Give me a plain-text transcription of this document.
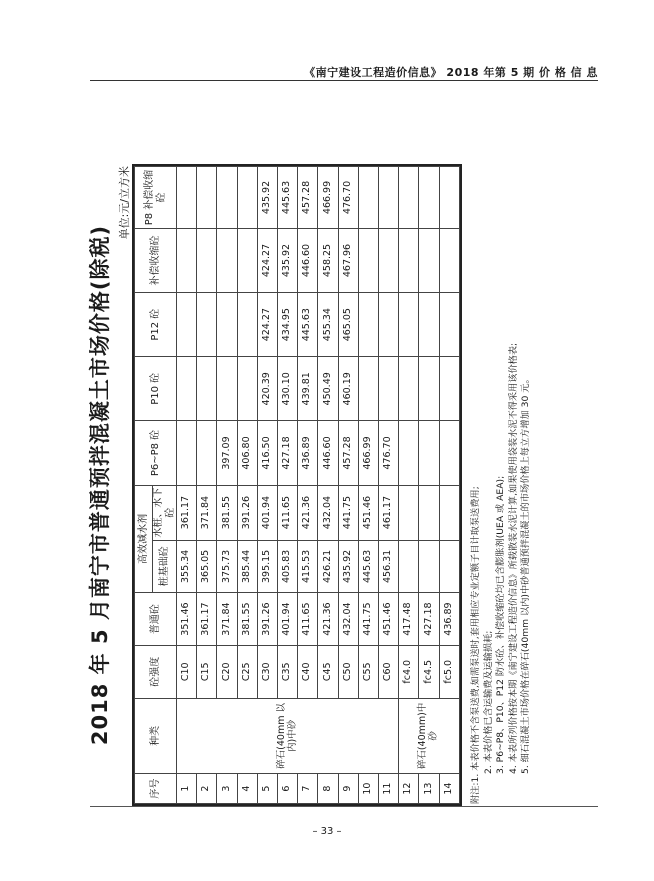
《南宁建设工程造价信息》 2018 年第 5 期 价 格 信 息
2018 年 5 月南宁市普通预拌混凝土市场价格(除税)
单位:元/立方米
序号	种类	砼强度	普通砼	高效减水剂		P6~P8 砼	P10 砼	P12 砼	补偿收缩砼	P8 补偿收缩砼
				桩基础砼	水桩、水下砼					
1	碎石(40mm 以内)中砂	C10	351.46	355.34	361.17					
2		C15	361.17	365.05	371.84					
3		C20	371.84	375.73	381.55	397.09				
4		C25	381.55	385.44	391.26	406.80				
5		C30	391.26	395.15	401.94	416.50	420.39	424.27	424.27	435.92
6		C35	401.94	405.83	411.65	427.18	430.10	434.95	435.92	445.63
7		C40	411.65	415.53	421.36	436.89	439.81	445.63	446.60	457.28
8		C45	421.36	426.21	432.04	446.60	450.49	455.34	458.25	466.99
9		C50	432.04	435.92	441.75	457.28	460.19	465.05	467.96	476.70
10		C55	441.75	445.63	451.46	466.99				
11		C60	451.46	456.31	461.17	476.70				
12	碎石(40mm)中砂	fc4.0	417.48							
13		fc4.5	427.18							
14		fc5.0	436.89							附注:1. 本表价格不含泵送费,如需泵送时,套用相应专业定额子目计取泵送费用; 2. 本表价格已含运输费及运输损耗; 3. P6~P8、P10、P12 防水砼、补偿收缩砼均已含膨胀剂(UEA 或 AEA); 4. 本表所列价格按本期《南宁建设工程造价信息》所载散装水泥计算,如果使用袋装水泥不得采用该价格表; 5. 细石混凝土市场价格在碎石(40mm 以内)中砂普通预拌混凝土的市场价格上每立方增加 30 元。
– 33 –
